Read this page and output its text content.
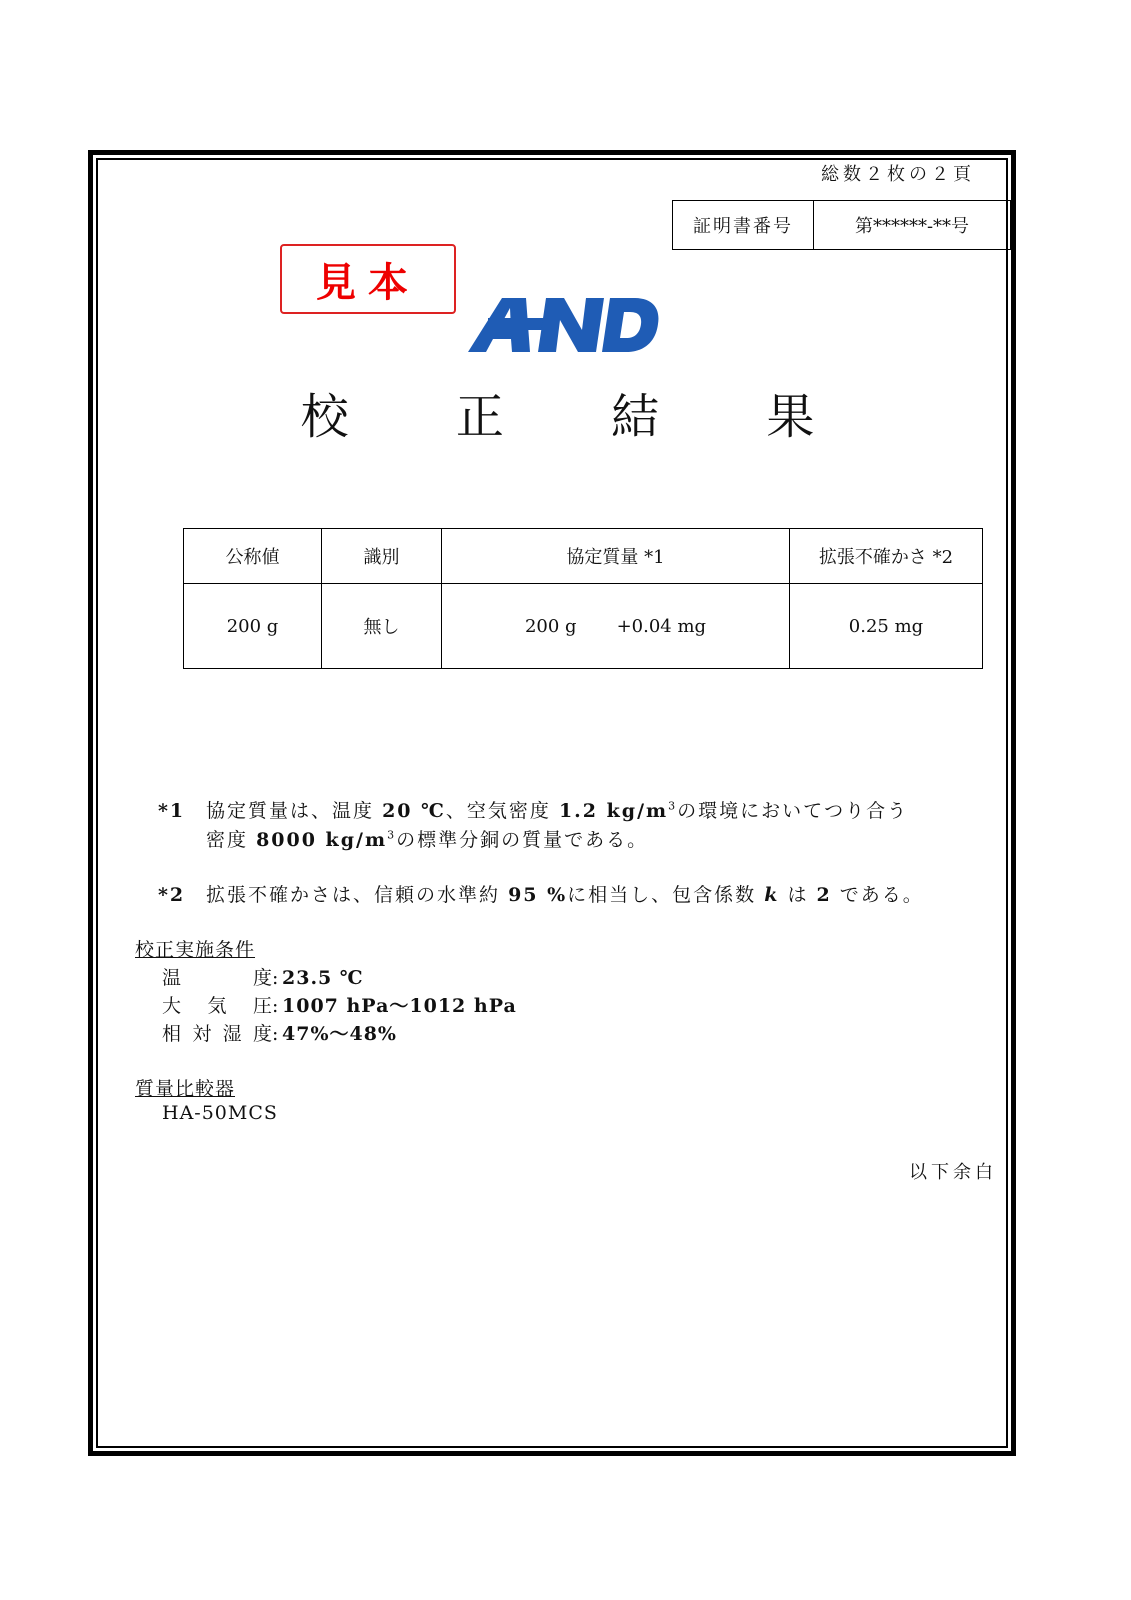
総数２枚の２頁
証明書番号	第******-**号
見本
校 正 結 果
公称値	識別	協定質量 *1	拡張不確かさ *2
200 g	無し	200 g +0.04 mg	0.25 mg
*1 協定質量は、温度 20 ℃、空気密度 1.2 $kg/m^3$の環境においてつり合う
密度 8000 $kg/m^3$の標準分銅の質量である。
*2 拡張不確かさは、信頼の水準約 95 %に相当し、包含係数 k は 2 である。
校正実施条件
温	度 : 23.5 ℃
大 気 圧 : 1007 hPa～1012 hPa
相 対 湿 度 : 47%～48%
質量比較器
HA-50MCS
以下余白
